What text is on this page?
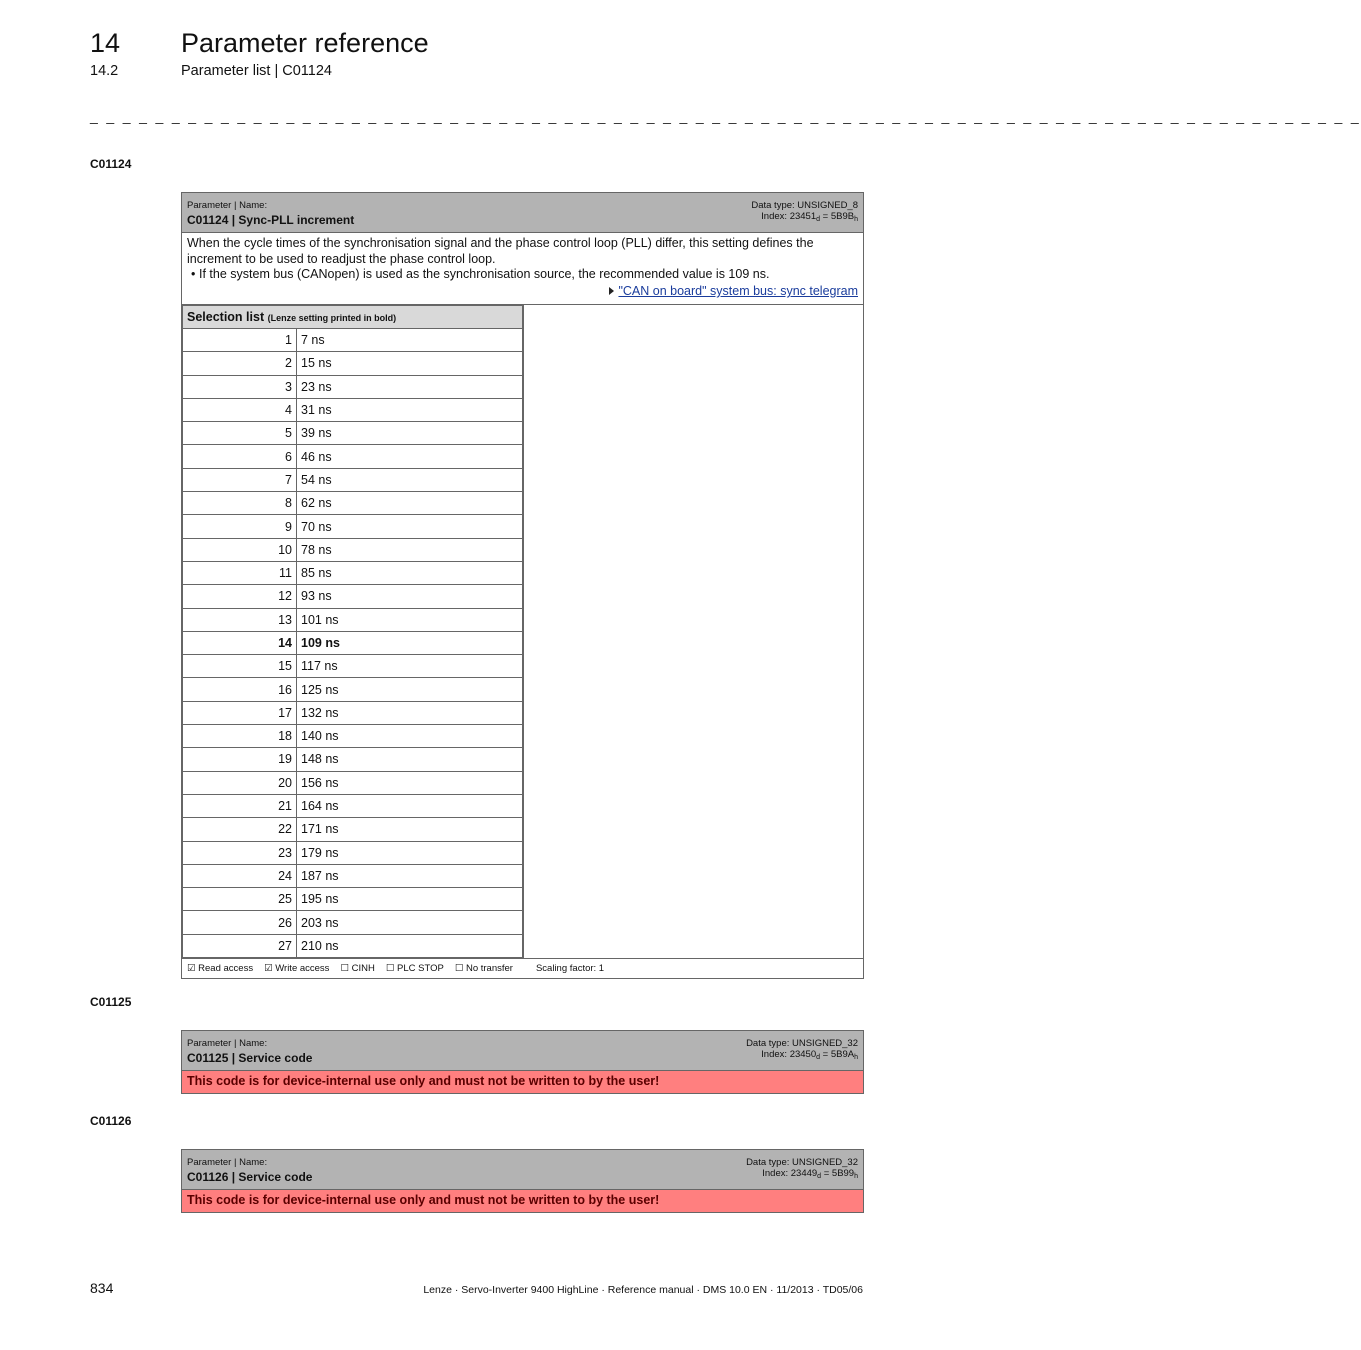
14	Parameter reference
14.2	Parameter list | C01124
_ _ _ _ _ _ _ _ _ _ _ _ _ _ _ _ _ _ _ _ _ _ _ _ _ _ _ _ _ _ _ _ _ _ _ _ _ _ _ _ _ _ _ _ _ _ _ _ _ _ _ _ _ _ _ _ _ _ _ _ _ _ _ _ _ _ _ _ _ _ _ _ _ _ _ _ _ _
C01124
Parameter | Name:
C01124 | Sync-PLL increment
Data type: UNSIGNED_8
Index: $23451_d = 5B9B_h$
When the cycle times of the synchronisation signal and the phase control loop (PLL) differ, this setting defines the increment to be used to readjust the phase control loop.
• If the system bus (CANopen) is used as the synchronisation source, the recommended value is 109 ns.
"CAN on board" system bus: sync telegram
Selection list (Lenze setting printed in bold)	
1	7 ns
2	15 ns
3	23 ns
4	31 ns
5	39 ns
6	46 ns
7	54 ns
8	62 ns
9	70 ns
10	78 ns
11	85 ns
12	93 ns
13	101 ns
14	109 ns
15	117 ns
16	125 ns
17	132 ns
18	140 ns
19	148 ns
20	156 ns
21	164 ns
22	171 ns
23	179 ns
24	187 ns
25	195 ns
26	203 ns
27	210 ns
☑ Read access ☑ Write access ☐ CINH ☐ PLC STOP ☐ No transfer Scaling factor: 1
C01125
Parameter | Name:
C01125 | Service code
Data type: UNSIGNED_32
Index: $23450_d = 5B9A_h$
This code is for device-internal use only and must not be written to by the user!
C01126
Parameter | Name:
C01126 | Service code
Data type: UNSIGNED_32
Index: $23449_d = 5B99_h$
This code is for device-internal use only and must not be written to by the user!
834	Lenze · Servo-Inverter 9400 HighLine · Reference manual · DMS 10.0 EN · 11/2013 · TD05/06
